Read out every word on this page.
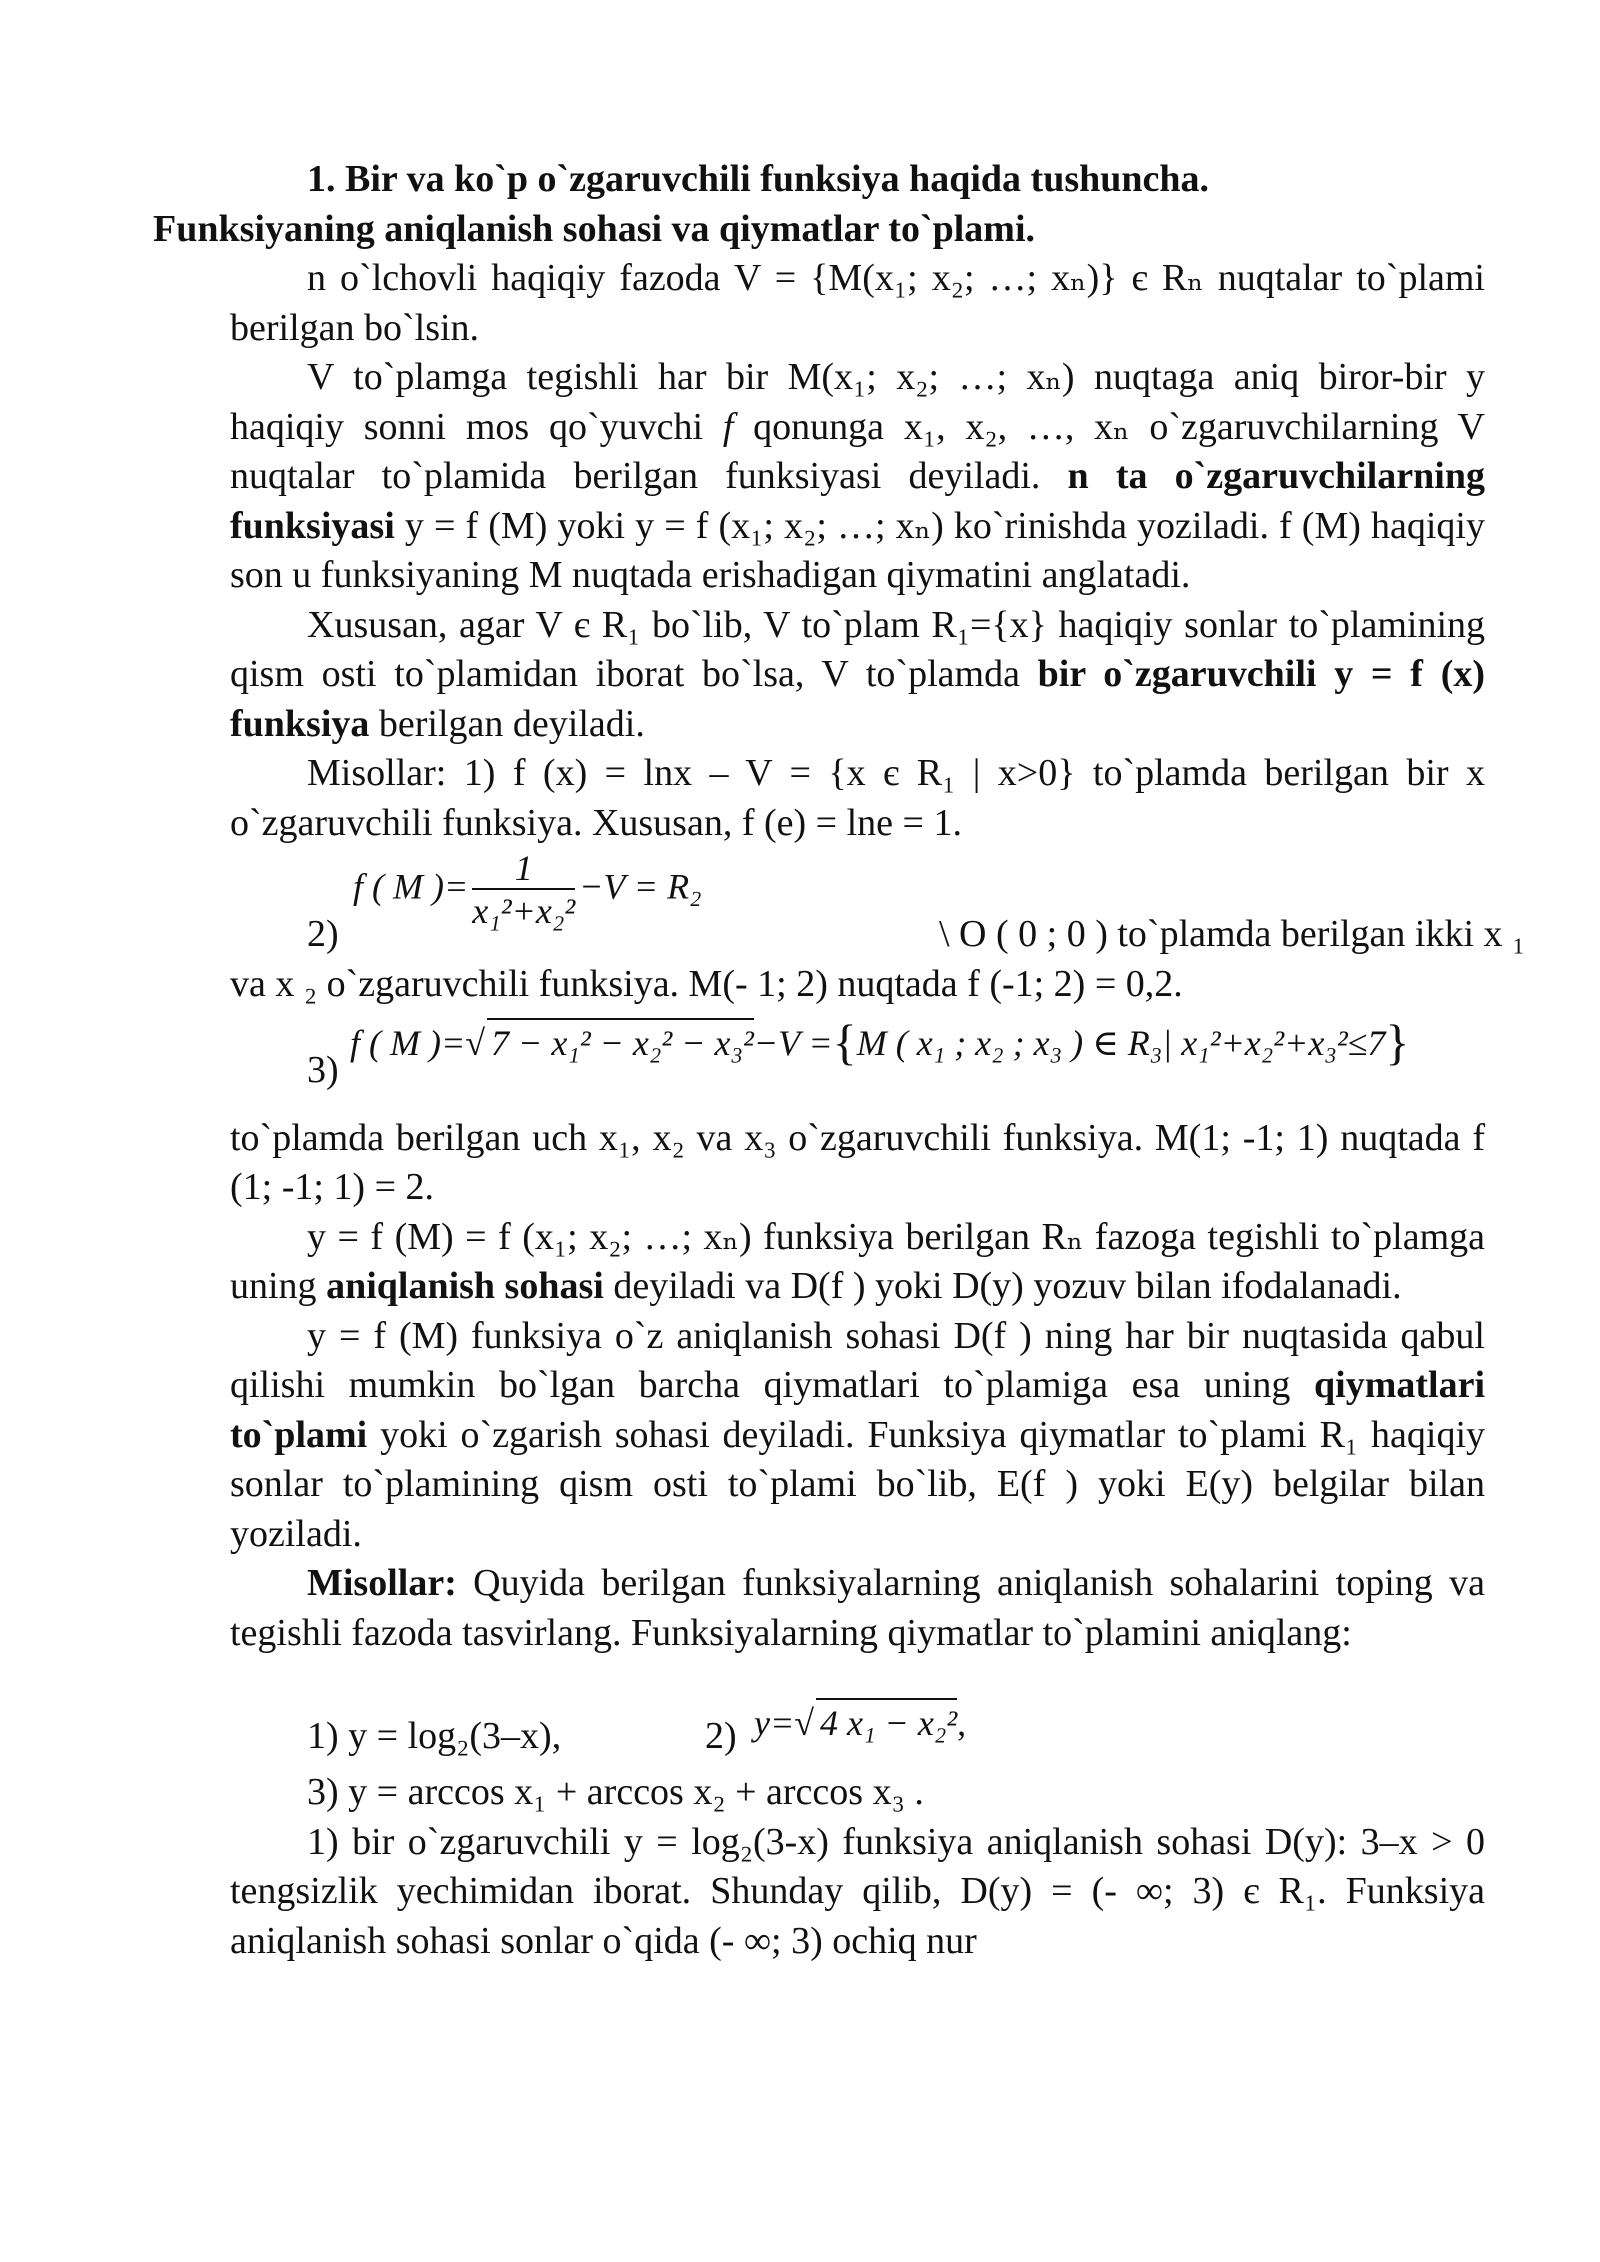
1. Bir va ko`p o`zgaruvchili funksiya haqida tushuncha.
Funksiyaning aniqlanish sohasi va qiymatlar to`plami.

n o`lchovli haqiqiy fazoda V = {M(x₁; x₂; …; xₙ)} є Rₙ nuqtalar to`plami berilgan bo`lsin.

V to`plamga tegishli har bir M(x₁; x₂; …; xₙ) nuqtaga aniq biror-bir y haqiqiy sonni mos qo`yuvchi f qonunga x₁, x₂, …, xₙ o`zgaruvchilarning V nuqtalar to`plamida berilgan funksiyasi deyiladi. n ta o`zgaruvchilarning funksiyasi y = f (M) yoki y = f (x₁; x₂; …; xₙ) ko`rinishda yoziladi. f (M) haqiqiy son u funksiyaning M nuqtada erishadigan qiymatini anglatadi.

Xususan, agar V є R₁ bo`lib, V to`plam R₁={x} haqiqiy sonlar to`plamining qism osti to`plamidan iborat bo`lsa, V to`plamda bir o`zgaruvchili y = f (x) funksiya berilgan deyiladi.

Misollar: 1) f (x) = lnx – V = {x є R₁ | x>0} to`plamda berilgan bir x o`zgaruvchili funksiya. Xususan, f (e) = lne = 1.

f ( M )= $\frac{1}{\text{x₁²+x₂²}} -V = R_2$
2)	\ O ( 0 ; 0 ) to`plamda berilgan ikki x ₁

va x ₂ o`zgaruvchili funksiya. M(- 1; 2) nuqtada f (-1; 2) = 0,2.

3)
f ( M )=√ 7 − x₁² − x₂² − x₃²−V ={M ( x₁ ; x₂ ; x₃ ) ∈ R₃| x₁²+x₂²+x₃²≤7}

to`plamda berilgan uch x₁, x₂ va x₃ o`zgaruvchili funksiya. M(1; -1; 1) nuqtada f (1; -1; 1) = 2.

y = f (M) = f (x₁; x₂; …; xₙ) funksiya berilgan Rₙ fazoga tegishli to`plamga uning aniqlanish sohasi deyiladi va D(f ) yoki D(y) yozuv bilan ifodalanadi.

y = f (M) funksiya o`z aniqlanish sohasi D(f ) ning har bir nuqtasida qabul qilishi mumkin bo`lgan barcha qiymatlari to`plamiga esa uning qiymatlari to`plami yoki o`zgarish sohasi deyiladi. Funksiya qiymatlar to`plami R₁ haqiqiy sonlar to`plamining qism osti to`plami bo`lib, E(f ) yoki E(y) belgilar bilan yoziladi.

Misollar: Quyida berilgan funksiyalarning aniqlanish sohalarini toping va tegishli fazoda tasvirlang. Funksiyalarning qiymatlar to`plamini aniqlang:

1) y = log₂(3–x),	2) y=√ 4 x₁ − x₂²,

3) y = arccos x₁ + arccos x₂ + arccos x₃ .

1) bir o`zgaruvchili y = log₂(3-x) funksiya aniqlanish sohasi D(y): 3–x > 0 tengsizlik yechimidan iborat. Shunday qilib, D(y) = (- ∞; 3) є R₁. Funksiya aniqlanish sohasi sonlar o`qida (- ∞; 3) ochiq nur
